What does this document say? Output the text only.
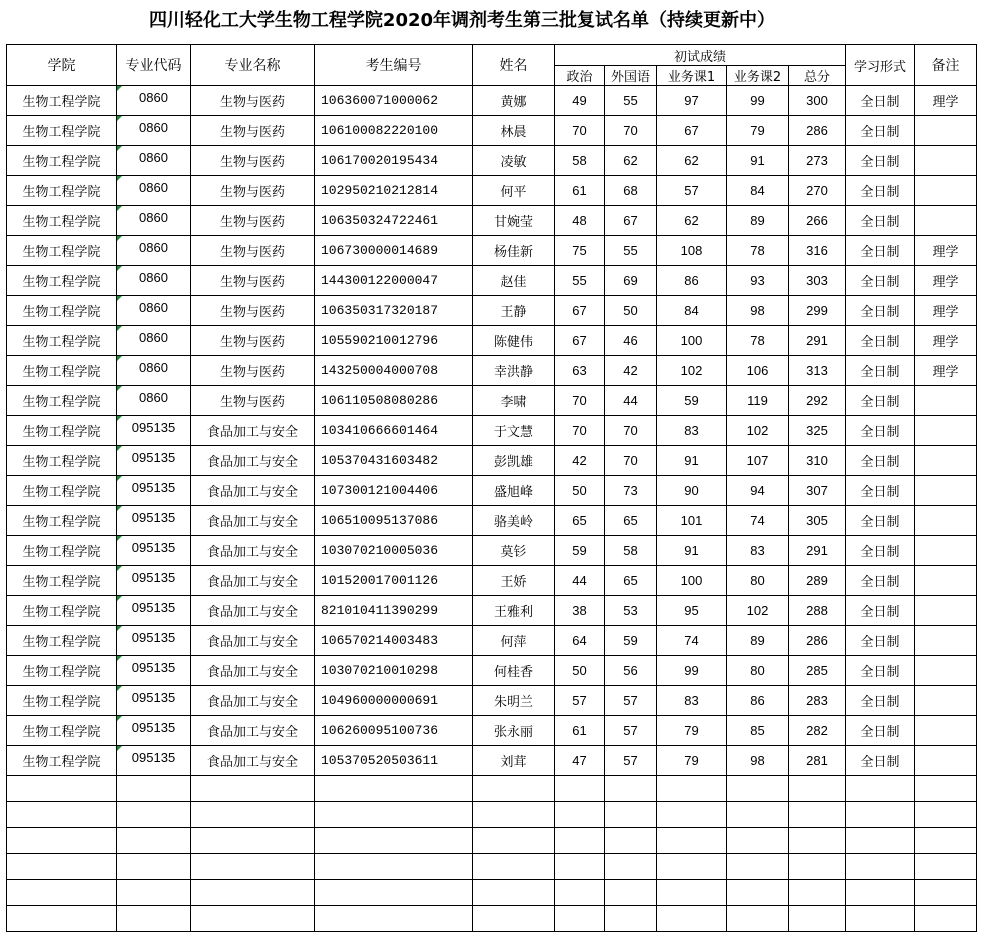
四川轻化工大学生物工程学院2020年调剂考生第三批复试名单（持续更新中）
学院	专业代码	专业名称	考生编号	姓名	初试成绩					学习形式	备注
					政治	外国语	业务课1	业务课2	总分		
生物工程学院	0860	生物与医药	106360071000062	黄娜	49	55	97	99	300	全日制	理学
生物工程学院	0860	生物与医药	106100082220100	林晨	70	70	67	79	286	全日制	
生物工程学院	0860	生物与医药	106170020195434	凌敏	58	62	62	91	273	全日制	
生物工程学院	0860	生物与医药	102950210212814	何平	61	68	57	84	270	全日制	
生物工程学院	0860	生物与医药	106350324722461	甘婉莹	48	67	62	89	266	全日制	
生物工程学院	0860	生物与医药	106730000014689	杨佳新	75	55	108	78	316	全日制	理学
生物工程学院	0860	生物与医药	144300122000047	赵佳	55	69	86	93	303	全日制	理学
生物工程学院	0860	生物与医药	106350317320187	王静	67	50	84	98	299	全日制	理学
生物工程学院	0860	生物与医药	105590210012796	陈健伟	67	46	100	78	291	全日制	理学
生物工程学院	0860	生物与医药	143250004000708	幸洪静	63	42	102	106	313	全日制	理学
生物工程学院	0860	生物与医药	106110508080286	李啸	70	44	59	119	292	全日制	
生物工程学院	095135	食品加工与安全	103410666601464	于文慧	70	70	83	102	325	全日制	
生物工程学院	095135	食品加工与安全	105370431603482	彭凯雄	42	70	91	107	310	全日制	
生物工程学院	095135	食品加工与安全	107300121004406	盛旭峰	50	73	90	94	307	全日制	
生物工程学院	095135	食品加工与安全	106510095137086	骆美岭	65	65	101	74	305	全日制	
生物工程学院	095135	食品加工与安全	103070210005036	莫钐	59	58	91	83	291	全日制	
生物工程学院	095135	食品加工与安全	101520017001126	王娇	44	65	100	80	289	全日制	
生物工程学院	095135	食品加工与安全	821010411390299	王雅利	38	53	95	102	288	全日制	
生物工程学院	095135	食品加工与安全	106570214003483	何萍	64	59	74	89	286	全日制	
生物工程学院	095135	食品加工与安全	103070210010298	何桂香	50	56	99	80	285	全日制	
生物工程学院	095135	食品加工与安全	104960000000691	朱明兰	57	57	83	86	283	全日制	
生物工程学院	095135	食品加工与安全	106260095100736	张永丽	61	57	79	85	282	全日制	
生物工程学院	095135	食品加工与安全	105370520503611	刘茸	47	57	79	98	281	全日制	
